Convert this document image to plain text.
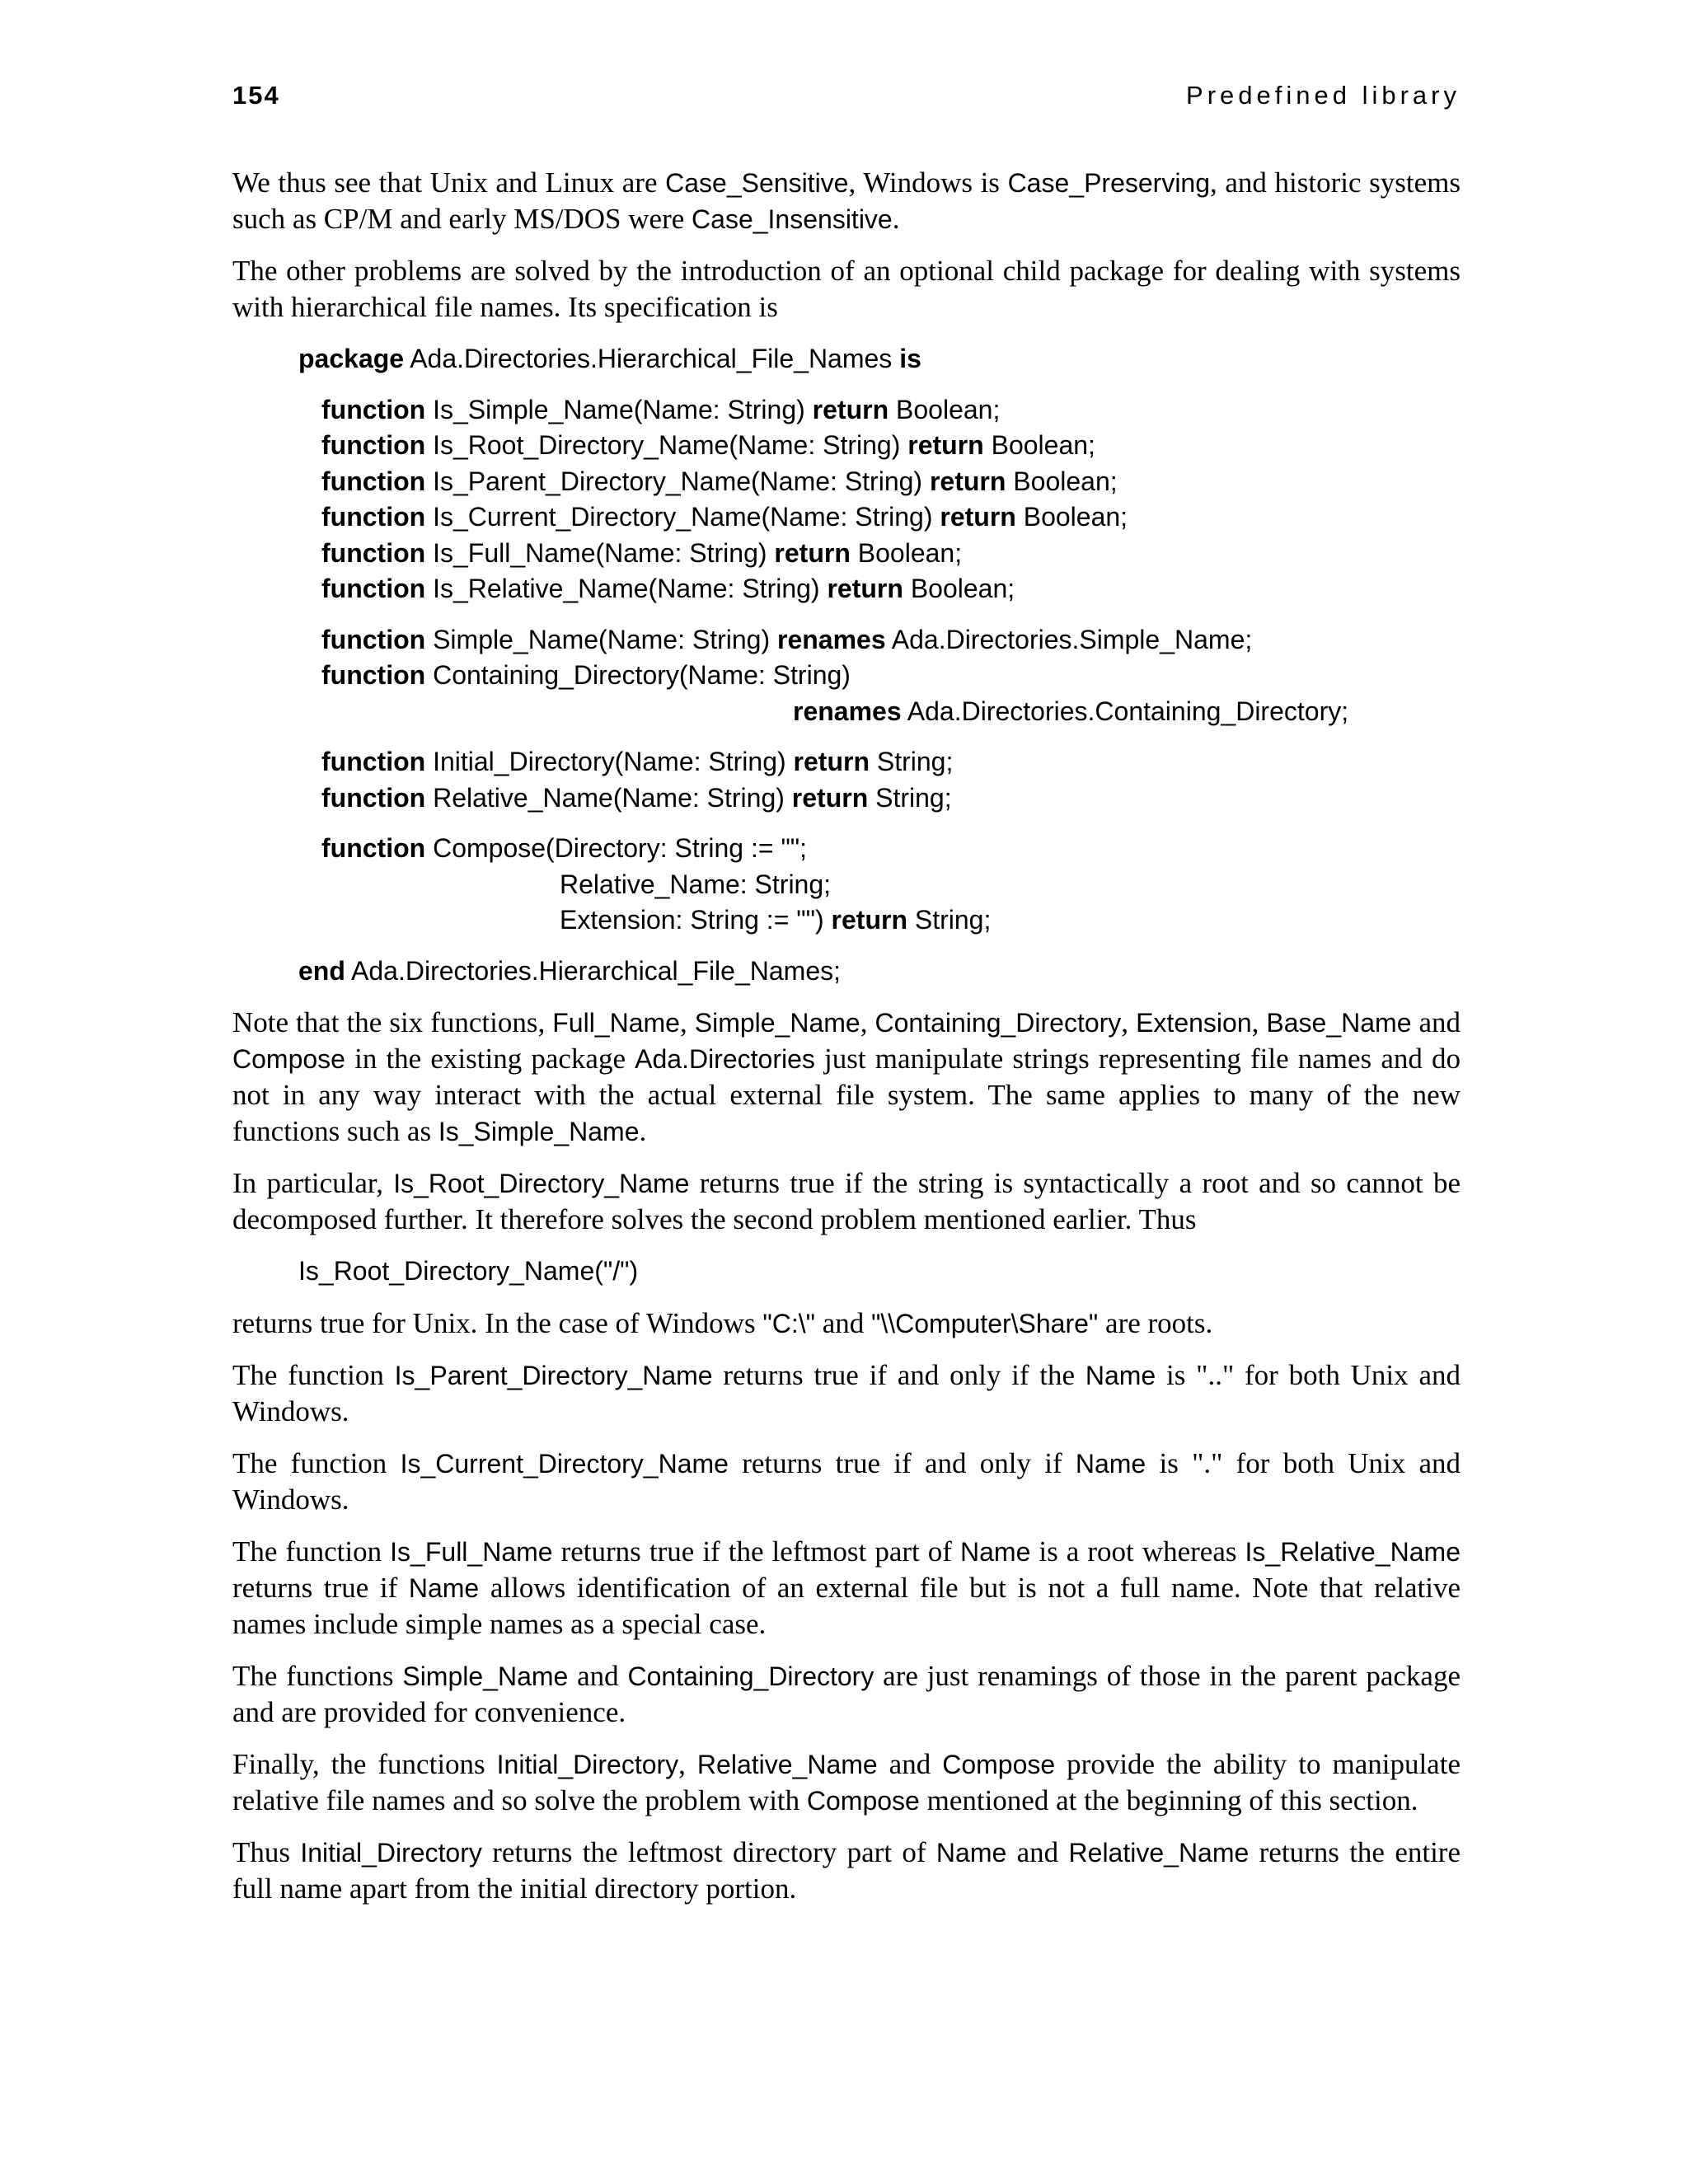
154	Predefined library

We thus see that Unix and Linux are Case_Sensitive, Windows is Case_Preserving, and historic systems such as CP/M and early MS/DOS were Case_Insensitive.

The other problems are solved by the introduction of an optional child package for dealing with systems with hierarchical file names. Its specification is

package Ada.Directories.Hierarchical_File_Names is
function Is_Simple_Name(Name: String) return Boolean;
function Is_Root_Directory_Name(Name: String) return Boolean;
function Is_Parent_Directory_Name(Name: String) return Boolean;
function Is_Current_Directory_Name(Name: String) return Boolean;
function Is_Full_Name(Name: String) return Boolean;
function Is_Relative_Name(Name: String) return Boolean;
function Simple_Name(Name: String) renames Ada.Directories.Simple_Name;
function Containing_Directory(Name: String)
renames Ada.Directories.Containing_Directory;
function Initial_Directory(Name: String) return String;
function Relative_Name(Name: String) return String;
function Compose(Directory: String := "";
Relative_Name: String;
Extension: String := "") return String;
end Ada.Directories.Hierarchical_File_Names;

Note that the six functions, Full_Name, Simple_Name, Containing_Directory, Extension, Base_Name and Compose in the existing package Ada.Directories just manipulate strings representing file names and do not in any way interact with the actual external file system. The same applies to many of the new functions such as Is_Simple_Name.

In particular, Is_Root_Directory_Name returns true if the string is syntactically a root and so cannot be decomposed further. It therefore solves the second problem mentioned earlier. Thus

Is_Root_Directory_Name("/")

returns true for Unix. In the case of Windows "C:\" and "\\Computer\Share" are roots.

The function Is_Parent_Directory_Name returns true if and only if the Name is ".." for both Unix and Windows.

The function Is_Current_Directory_Name returns true if and only if Name is "." for both Unix and Windows.

The function Is_Full_Name returns true if the leftmost part of Name is a root whereas Is_Relative_Name returns true if Name allows identification of an external file but is not a full name. Note that relative names include simple names as a special case.

The functions Simple_Name and Containing_Directory are just renamings of those in the parent package and are provided for convenience.

Finally, the functions Initial_Directory, Relative_Name and Compose provide the ability to manipulate relative file names and so solve the problem with Compose mentioned at the beginning of this section.

Thus Initial_Directory returns the leftmost directory part of Name and Relative_Name returns the entire full name apart from the initial directory portion.
